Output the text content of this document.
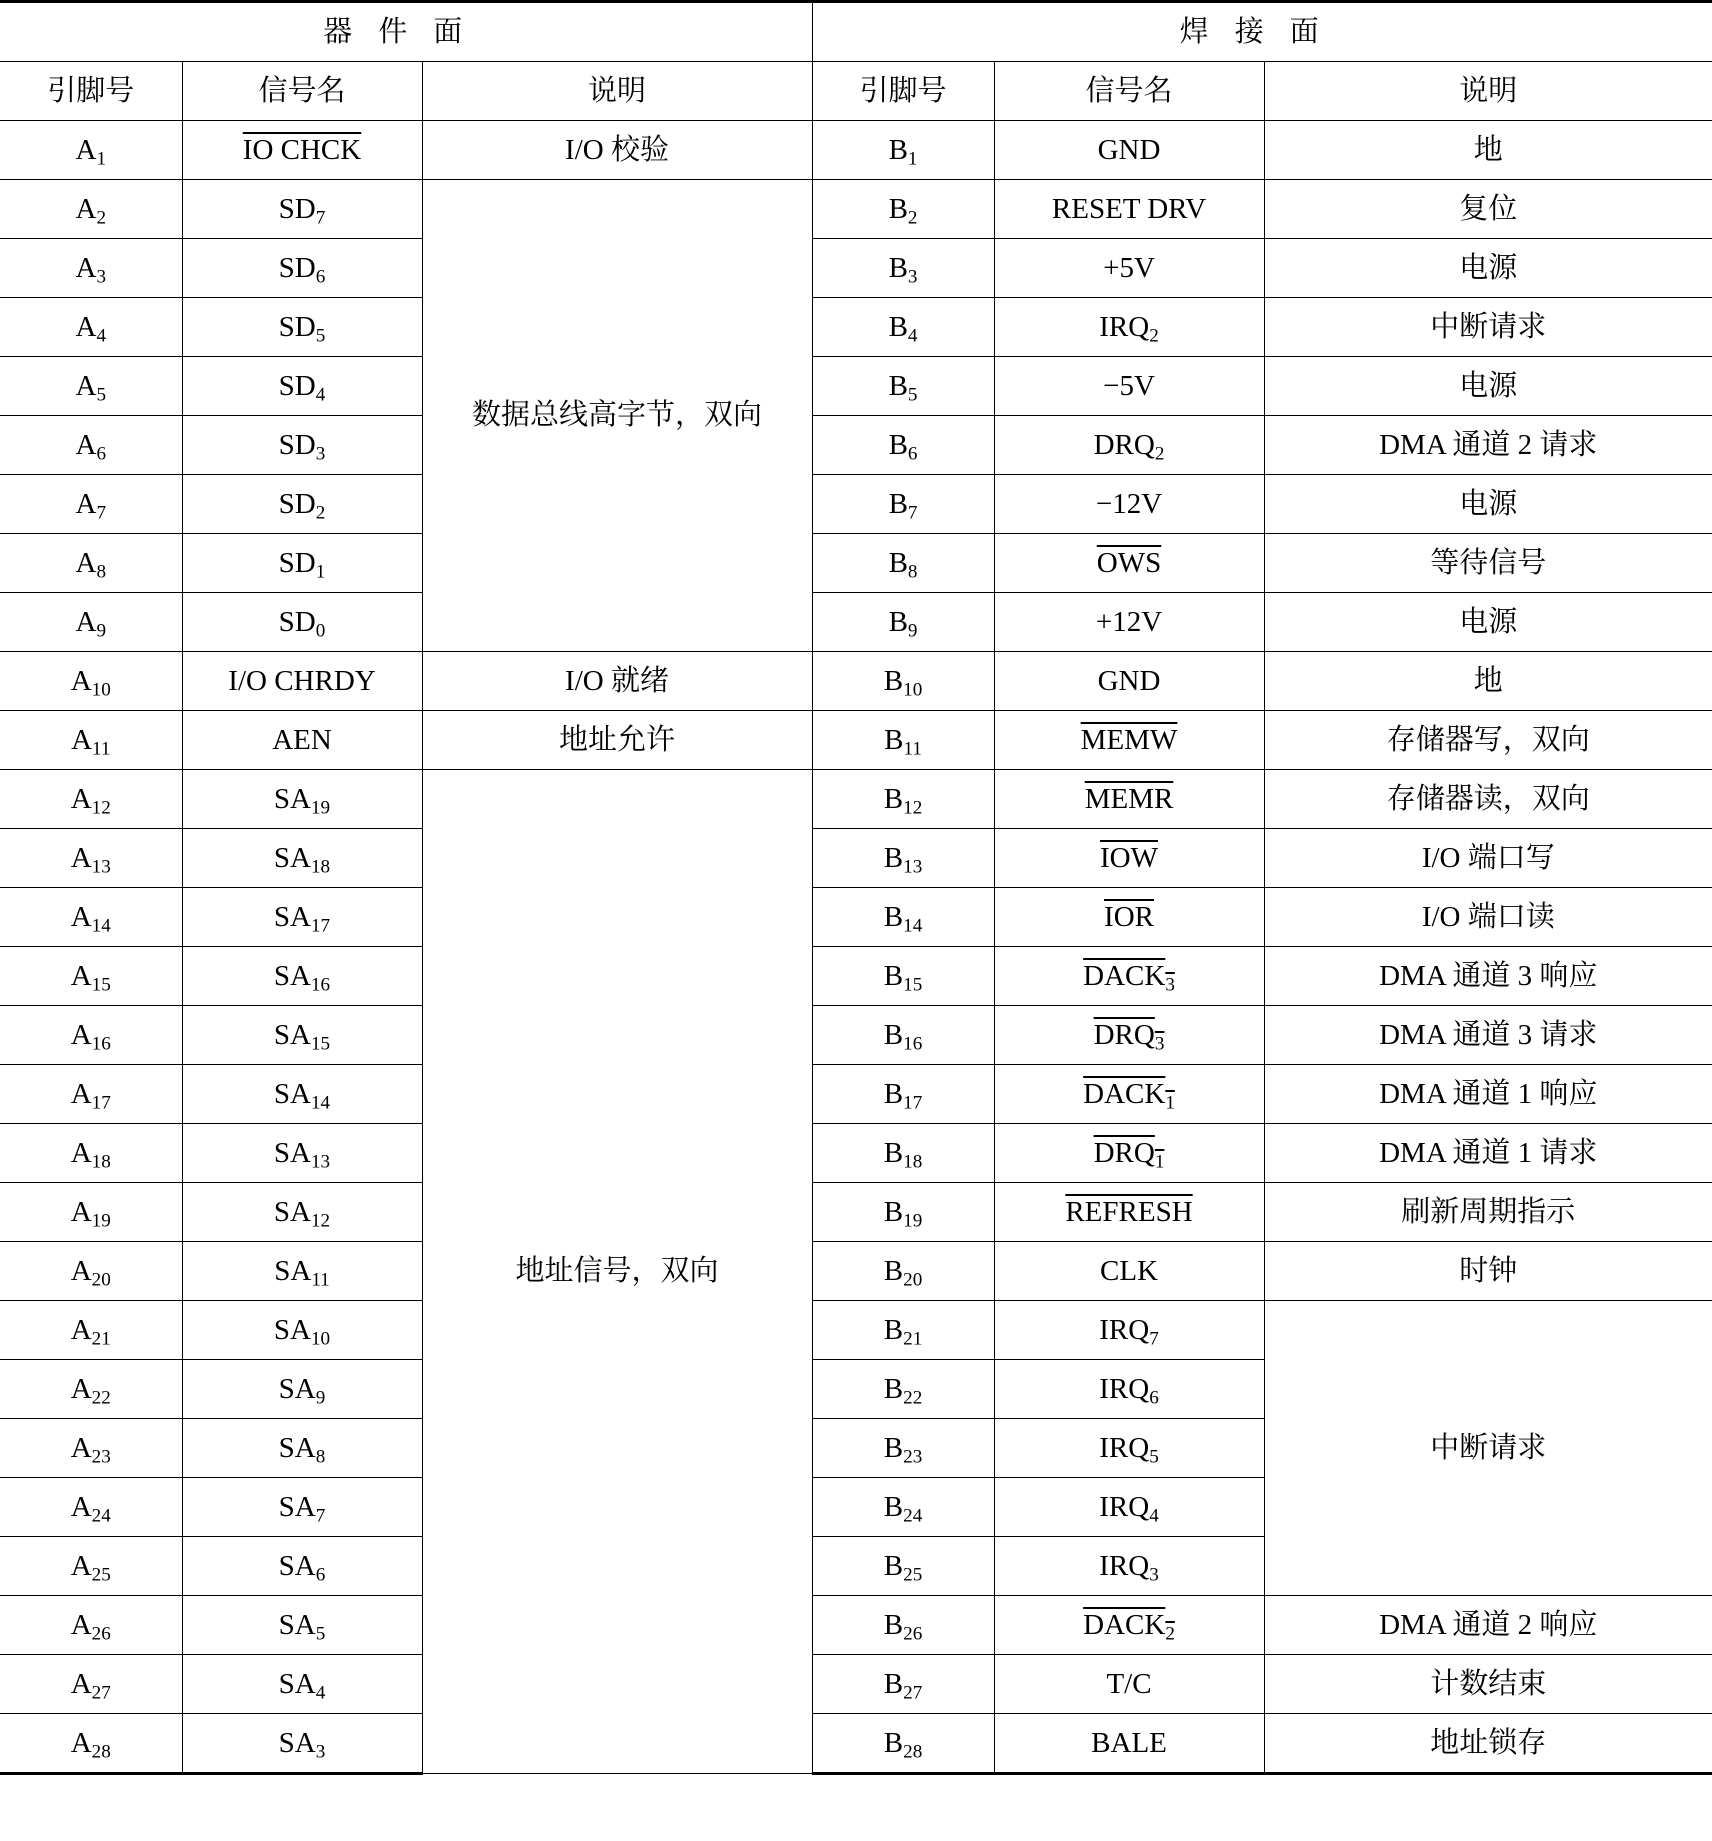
器件面			焊接面		
引脚号	信号名	说明	引脚号	信号名	说明
$A_1$	IO CHCK	I/O 校验	$B_1$	GND	地
$A_2$	$SD_7$	数据总线高字节，双向	$B_2$	RESET DRV	复位
$A_3$	$SD_6$		$B_3$	+5V	电源
$A_4$	$SD_5$		$B_4$	$IRQ_2$	中断请求
$A_5$	$SD_4$		$B_5$	−5V	电源
$A_6$	$SD_3$		$B_6$	$DRQ_2$	DMA 通道 2 请求
$A_7$	$SD_2$		$B_7$	−12V	电源
$A_8$	$SD_1$		$B_8$	$\overline{OWS}$	等待信号
$A_9$	$SD_0$		$B_9$	+12V	电源
$A_{10}$	I/O CHRDY	I/O 就绪	$B_{10}$	GND	地
$A_{11}$	AEN	地址允许	$B_{11}$	MEMW	存储器写，双向
$A_{12}$	$SA_{19}$	地址信号，双向	$B_{12}$	MEMR	存储器读，双向
$A_{13}$	$SA_{18}$		$B_{13}$	$\overline{IOW}$	I/O 端口写
$A_{14}$	$SA_{17}$		$B_{14}$	$\overline{IOR}$	I/O 端口读
$A_{15}$	$SA_{16}$		$B_{15}$	$DACK_3$	DMA 通道 3 响应
$A_{16}$	$SA_{15}$		$B_{16}$	$DRQ_3$	DMA 通道 3 请求
$A_{17}$	$SA_{14}$		$B_{17}$	$DACK_1$	DMA 通道 1 响应
$A_{18}$	$SA_{13}$		$B_{18}$	$DRQ_1$	DMA 通道 1 请求
$A_{19}$	$SA_{12}$		$B_{19}$	REFRESH	刷新周期指示
$A_{20}$	$SA_{11}$		$B_{20}$	CLK	时钟
$A_{21}$	$SA_{10}$		$B_{21}$	$IRQ_7$	中断请求
$A_{22}$	$SA_9$		$B_{22}$	$IRQ_6$
$A_{23}$	$SA_8$		$B_{23}$	$IRQ_5$
$A_{24}$	$SA_7$		$B_{24}$	$IRQ_4$
$A_{25}$	$SA_6$		$B_{25}$	$IRQ_3$
$A_{26}$	$SA_5$		$B_{26}$	$DACK_2$	DMA 通道 2 响应
$A_{27}$	$SA_4$		$B_{27}$	T/C	计数结束
$A_{28}$	$SA_3$		$B_{28}$	BALE	地址锁存
